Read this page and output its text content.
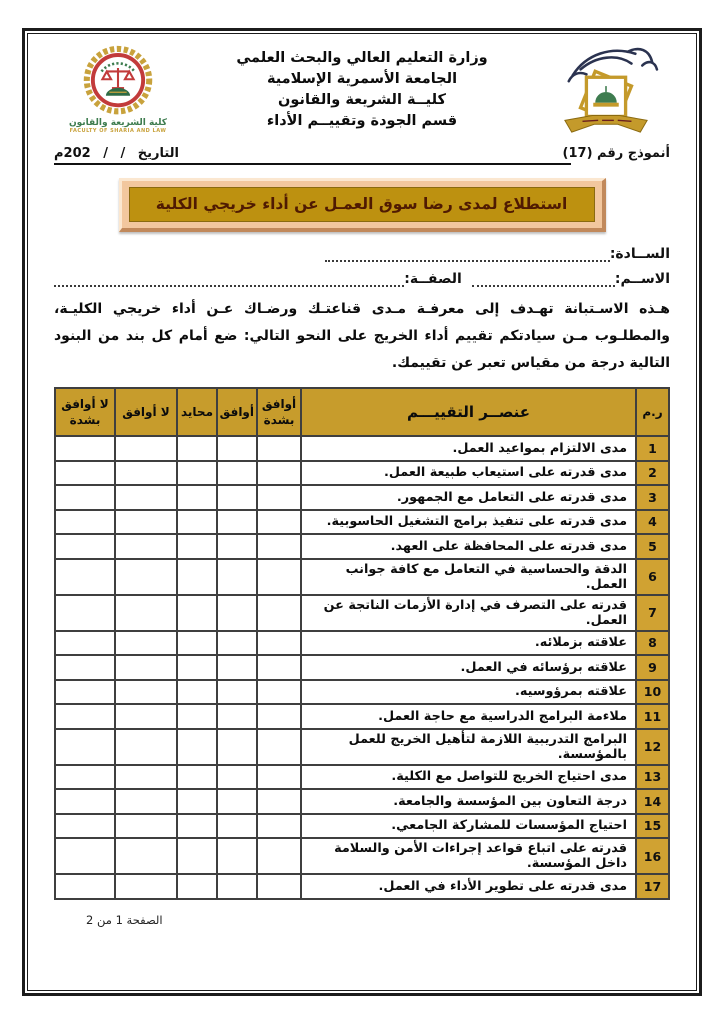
كلية الشريعة والقانون
FACULTY OF SHARIA AND LAW
وزارة التعليم العالي والبحث العلمي
الجامعة الأسمرية الإسلامية
كليــة الشريعة والقانون
قسم الجودة وتقييــم الأداء
أنموذج رقم (17)
التاريخ / / 202م
استطلاع لمدى رضا سوق العمـل عن أداء خريجي الكلية
الســادة:
الاســم:
الصفــة:

هـذه الاسـتبانة تهـدف إلى معرفـة مـدى قناعتـك ورضـاك عـن أداء خريجي الكليـة، والمطلـوب مـن سيادتكم تقييم أداء الخريج على النحو التالي: ضع أمام كل بند من البنود التالية درجة من مقياس تعبر عن تقييمك.

ر.م	عنصــر التقييـــم	أوافق بشدة	أوافق	محايد	لا أوافق	لا أوافق بشدة
1	مدى الالتزام بمواعيد العمل.					
2	مدى قدرته على استيعاب طبيعة العمل.					
3	مدى قدرته على التعامل مع الجمهور.					
4	مدى قدرته على تنفيذ برامج التشغيل الحاسوبية.					
5	مدى قدرته على المحافظة على العهد.					
6	الدقة والحساسية في التعامل مع كافة جوانب العمل.					
7	قدرته على التصرف في إدارة الأزمات الناتجة عن العمل.					
8	علاقته بزملائه.					
9	علاقته برؤسائه في العمل.					
10	علاقته بمرؤوسيه.					
11	ملاءمة البرامج الدراسية مع حاجة العمل.					
12	البرامج التدريبية اللازمة لتأهيل الخريج للعمل بالمؤسسة.					
13	مدى احتياج الخريج للتواصل مع الكلية.					
14	درجة التعاون بين المؤسسة والجامعة.					
15	احتياج المؤسسات للمشاركة الجامعي.					
16	قدرته على اتباع قواعد إجراءات الأمن والسلامة داخل المؤسسة.					
17	مدى قدرته على تطوير الأداء في العمل.					
الصفحة 1 من 2
